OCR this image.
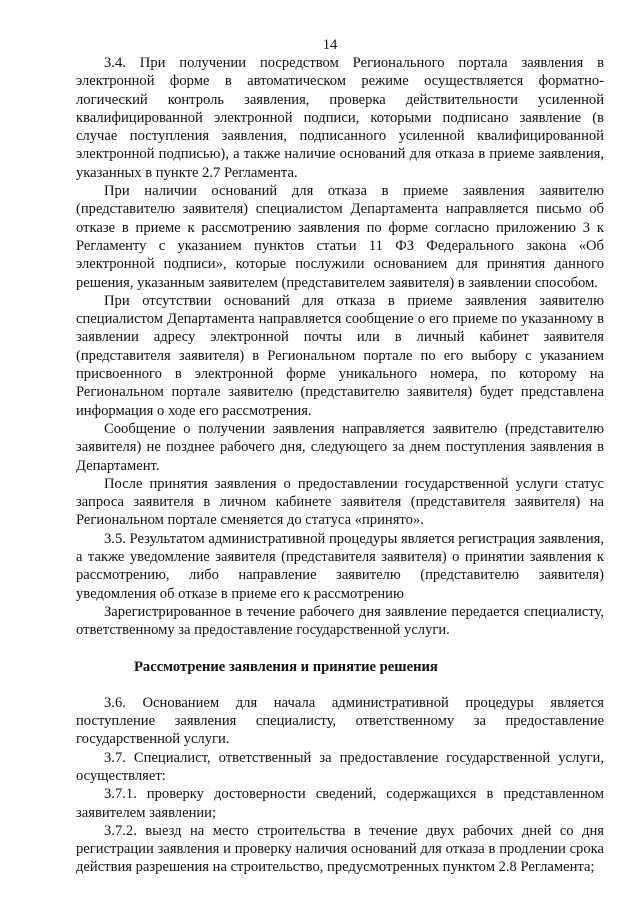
14

3.4. При получении посредством Регионального портала заявления в электронной форме в автоматическом режиме осуществляется форматно-логический контроль заявления, проверка действительности усиленной квалифицированной электронной подписи, которыми подписано заявление (в случае поступления заявления, подписанного усиленной квалифицированной электронной подписью), а также наличие оснований для отказа в приеме заявления, указанных в пункте 2.7 Регламента.

При наличии оснований для отказа в приеме заявления заявителю (представителю заявителя) специалистом Департамента направляется письмо об отказе в приеме к рассмотрению заявления по форме согласно приложению 3 к Регламенту с указанием пунктов статьи 11 ФЗ Федерального закона «Об электронной подписи», которые послужили основанием для принятия данного решения, указанным заявителем (представителем заявителя) в заявлении способом.

При отсутствии оснований для отказа в приеме заявления заявителю специалистом Департамента направляется сообщение о его приеме по указанному в заявлении адресу электронной почты или в личный кабинет заявителя (представителя заявителя) в Региональном портале по его выбору с указанием присвоенного в электронной форме уникального номера, по которому на Региональном портале заявителю (представителю заявителя) будет представлена информация о ходе его рассмотрения.

Сообщение о получении заявления направляется заявителю (представителю заявителя) не позднее рабочего дня, следующего за днем поступления заявления в Департамент.

После принятия заявления о предоставлении государственной услуги статус запроса заявителя в личном кабинете заявителя (представителя заявителя) на Региональном портале сменяется до статуса «принято».

3.5. Результатом административной процедуры является регистрация заявления, а также уведомление заявителя (представителя заявителя) о принятии заявления к рассмотрению, либо направление заявителю (представителю заявителя) уведомления об отказе в приеме его к рассмотрению

Зарегистрированное в течение рабочего дня заявление передается специалисту, ответственному за предоставление государственной услуги.

Рассмотрение заявления и принятие решения

3.6. Основанием для начала административной процедуры является поступление заявления специалисту, ответственному за предоставление государственной услуги.

3.7. Специалист, ответственный за предоставление государственной услуги, осуществляет:

3.7.1. проверку достоверности сведений, содержащихся в представленном заявителем заявлении;

3.7.2. выезд на место строительства в течение двух рабочих дней со дня регистрации заявления и проверку наличия оснований для отказа в продлении срока действия разрешения на строительство, предусмотренных пунктом 2.8 Регламента;
